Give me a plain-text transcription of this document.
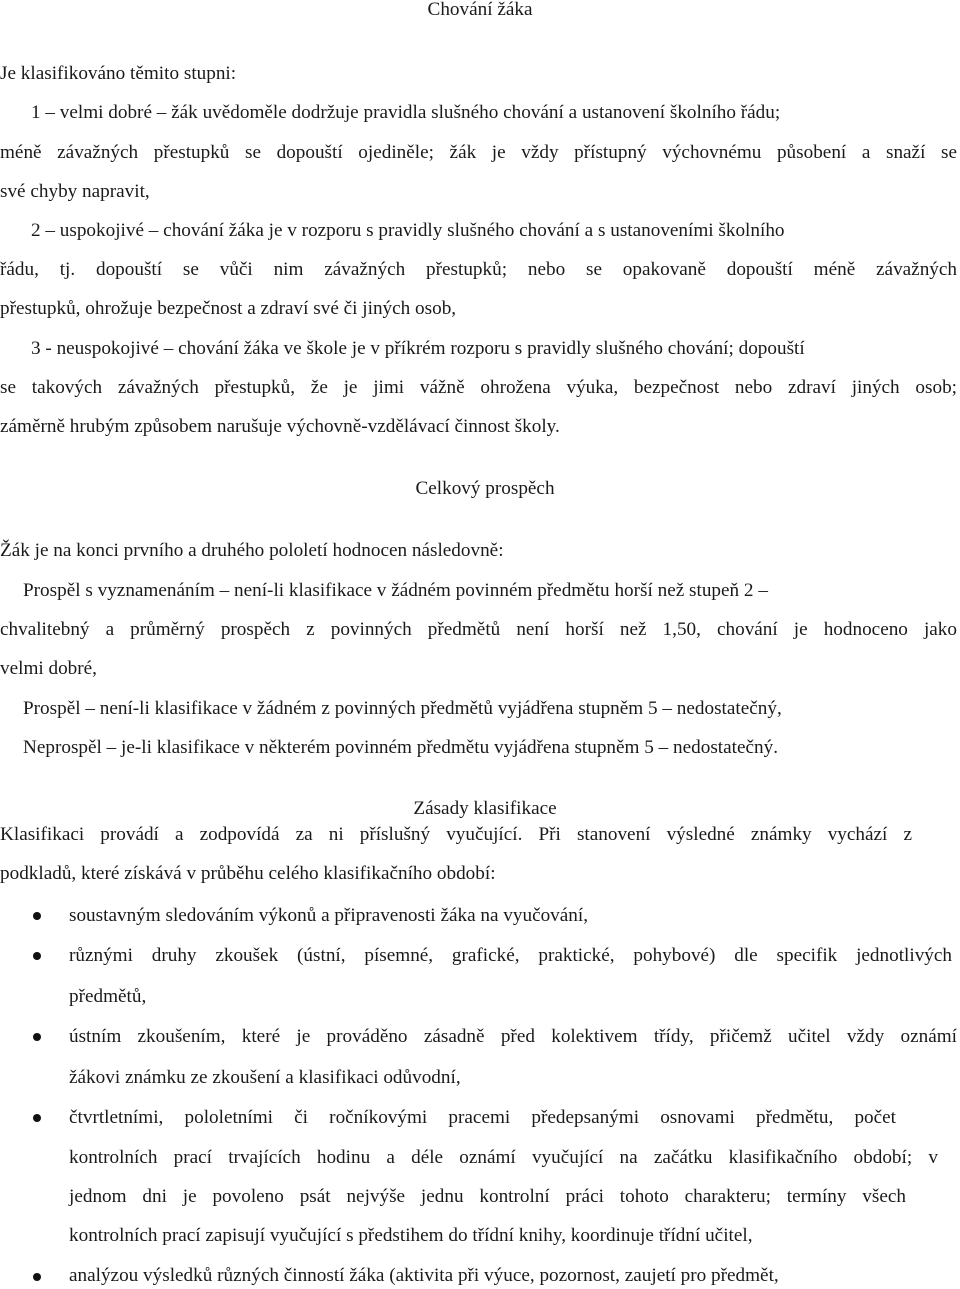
Chování žáka
Je klasifikováno těmito stupni:
1 – velmi dobré – žák uvědoměle dodržuje pravidla slušného chování a ustanovení školního řádu;
méně závažných přestupků se dopouští ojediněle; žák je vždy přístupný výchovnému působení a snaží se
své chyby napravit,
2 – uspokojivé – chování žáka je v rozporu s pravidly slušného chování a s ustanoveními školního
řádu, tj. dopouští se vůči nim závažných přestupků; nebo se opakovaně dopouští méně závažných
přestupků, ohrožuje bezpečnost a zdraví své či jiných osob,
3 - neuspokojivé – chování žáka ve škole je v příkrém rozporu s pravidly slušného chování; dopouští
se takových závažných přestupků, že je jimi vážně ohrožena výuka, bezpečnost nebo zdraví jiných osob;
záměrně hrubým způsobem narušuje výchovně-vzdělávací činnost školy.
Celkový prospěch
Žák je na konci prvního a druhého pololetí hodnocen následovně:
Prospěl s vyznamenáním – není-li klasifikace v žádném povinném předmětu horší než stupeň 2 –
chvalitebný a průměrný prospěch z povinných předmětů není horší než 1,50, chování je hodnoceno jako
velmi dobré,
Prospěl – není-li klasifikace v žádném z povinných předmětů vyjádřena stupněm 5 – nedostatečný,
Neprospěl – je-li klasifikace v některém povinném předmětu vyjádřena stupněm 5 – nedostatečný.
Zásady klasifikace
Klasifikaci provádí a zodpovídá za ni příslušný vyučující. Při stanovení výsledné známky vychází z
podkladů, které získává v průběhu celého klasifikačního období:
soustavným sledováním výkonů a připravenosti žáka na vyučování,
různými druhy zkoušek (ústní, písemné, grafické, praktické, pohybové) dle specifik jednotlivých
předmětů,
ústním zkoušením, které je prováděno zásadně před kolektivem třídy, přičemž učitel vždy oznámí
žákovi známku ze zkoušení a klasifikaci odůvodní,
čtvrtletními, pololetními či ročníkovými pracemi předepsanými osnovami předmětu, počet
kontrolních prací trvajících hodinu a déle oznámí vyučující na začátku klasifikačního období; v
jednom dni je povoleno psát nejvýše jednu kontrolní práci tohoto charakteru; termíny všech
kontrolních prací zapisují vyučující s předstihem do třídní knihy, koordinuje třídní učitel,
analýzou výsledků různých činností žáka (aktivita při výuce, pozornost, zaujetí pro předmět,
